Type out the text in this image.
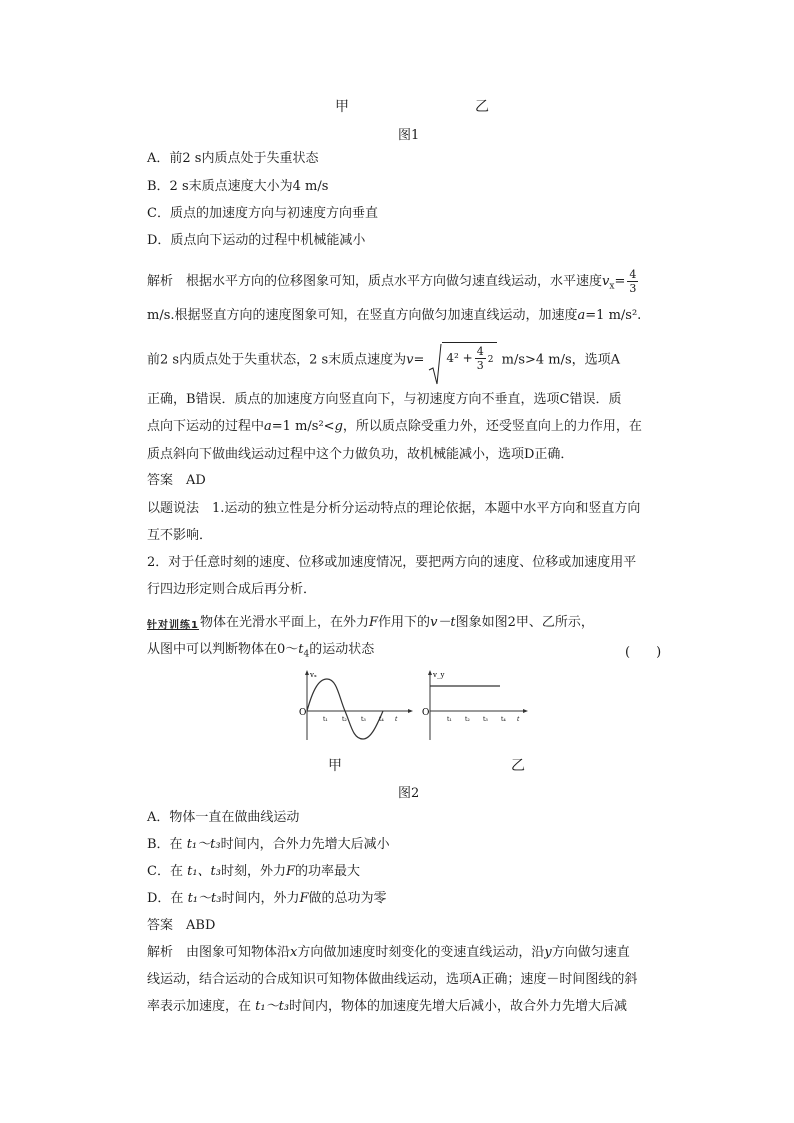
甲	乙
图1
A．前2 s内质点处于失重状态
B．2 s末质点速度大小为4 m/s
C．质点的加速度方向与初速度方向垂直
D．质点向下运动的过程中机械能减小
解析　根据水平方向的位移图象可知，质点水平方向做匀速直线运动，水平速度$v_x= \frac{4}{3}$
m/s.根据竖直方向的速度图象可知，在竖直方向做匀加速直线运动，加速度a=1 m/s².
前2 s内质点处于失重状态，2 s末质点速度为$v= 4^2 + \frac{4}{3} 2$ m/s>4 m/s，选项A
正确，B错误．质点的加速度方向竖直向下，与初速度方向不垂直，选项C错误．质
点向下运动的过程中a=1 m/s²<g，所以质点除受重力外，还受竖直向上的力作用，在
质点斜向下做曲线运动过程中这个力做负功，故机械能减小，选项D正确．
答案　AD
以题说法　1.运动的独立性是分析分运动特点的理论依据，本题中水平方向和竖直方向
互不影响．
2．对于任意时刻的速度、位移或加速度情况，要把两方向的速度、位移或加速度用平
行四边形定则合成后再分析．
针对训练1 物体在光滑水平面上，在外力F作用下的v－t图象如图2甲、乙所示，
从图中可以判断物体在$0\sim t_4$的运动状态	(　　)
vₓ
O
t₁ t₂ t₃ t₄ t
v_y
O
t₁ t₂ t₃ t₄ t
甲	乙
图2
A．物体一直在做曲线运动
B．在 t₁～t₃时间内，合外力先增大后减小
C．在 t₁、t₃时刻，外力F的功率最大
D．在 t₁～t₃时间内，外力F做的总功为零
答案　ABD
解析　由图象可知物体沿x方向做加速度时刻变化的变速直线运动，沿y方向做匀速直
线运动，结合运动的合成知识可知物体做曲线运动，选项A正确；速度－时间图线的斜
率表示加速度，在 t₁～t₃时间内，物体的加速度先增大后减小，故合外力先增大后减
